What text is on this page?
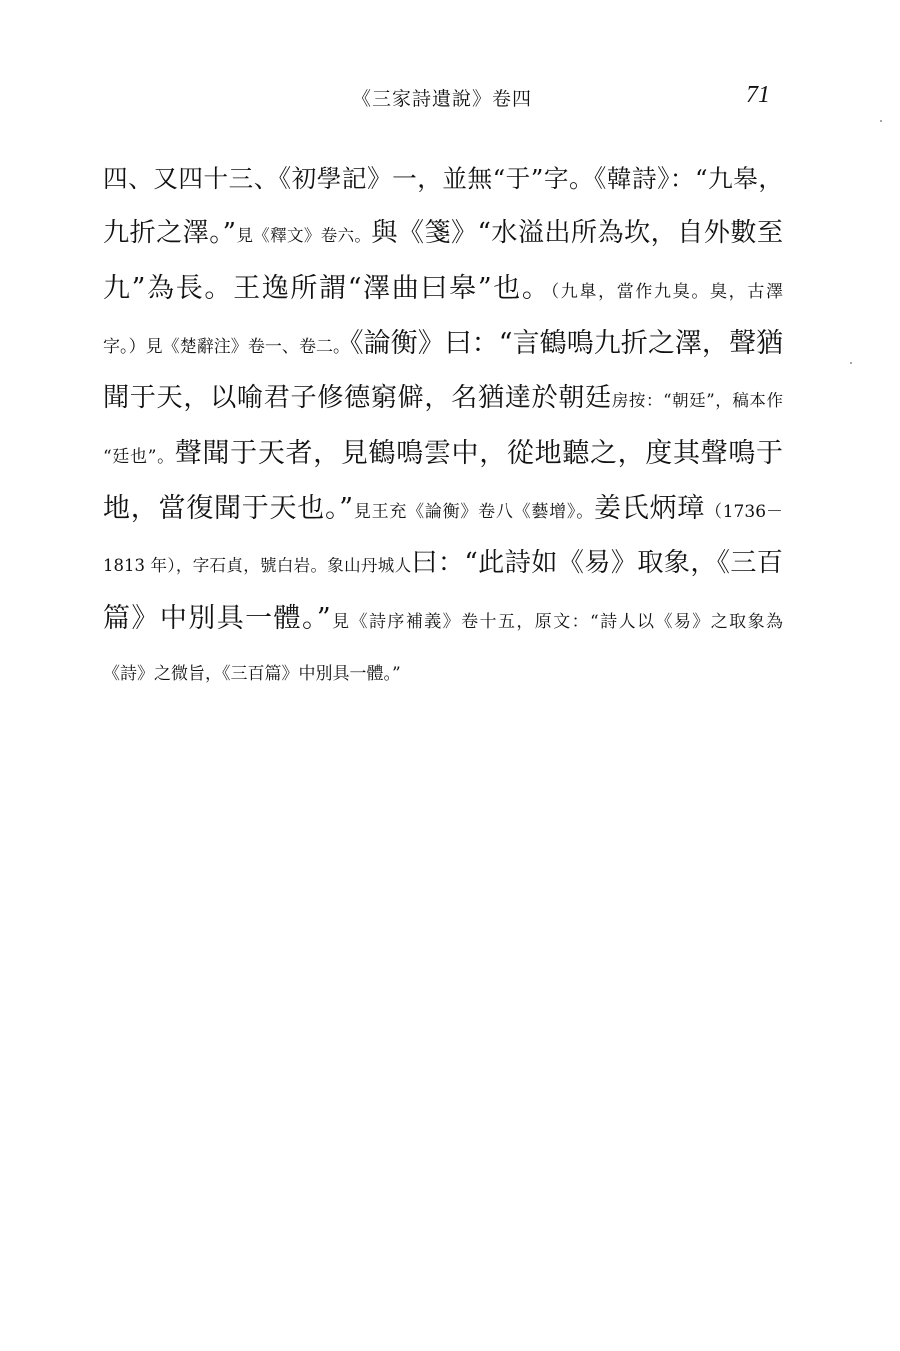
《三家詩遺說》卷四	71
四、又四十三、《初學記》一，並無“于”字。《韓詩》：“九皋，
九折之澤。”見《釋文》卷六。與《箋》“水溢出所為坎，自外數至
九”為長。王逸所謂“澤曲曰皋”也。（九臯，當作九臭。臭，古澤
字。）見《楚辭注》卷一、卷二。《論衡》曰：“言鶴鳴九折之澤，聲猶
聞于天，以喻君子修德窮僻，名猶達於朝廷房按：“朝廷”，稿本作
“廷也”。聲聞于天者，見鶴鳴雲中，從地聽之，度其聲鳴于
地，當復聞于天也。”見王充《論衡》卷八《藝增》。姜氏炳璋（1736－
1813 年），字石貞，號白岩。象山丹城人曰：“此詩如《易》取象，《三百
篇》中別具一體。”見《詩序補義》卷十五，原文：“詩人以《易》之取象為
《詩》之微旨，《三百篇》中別具一體。”
